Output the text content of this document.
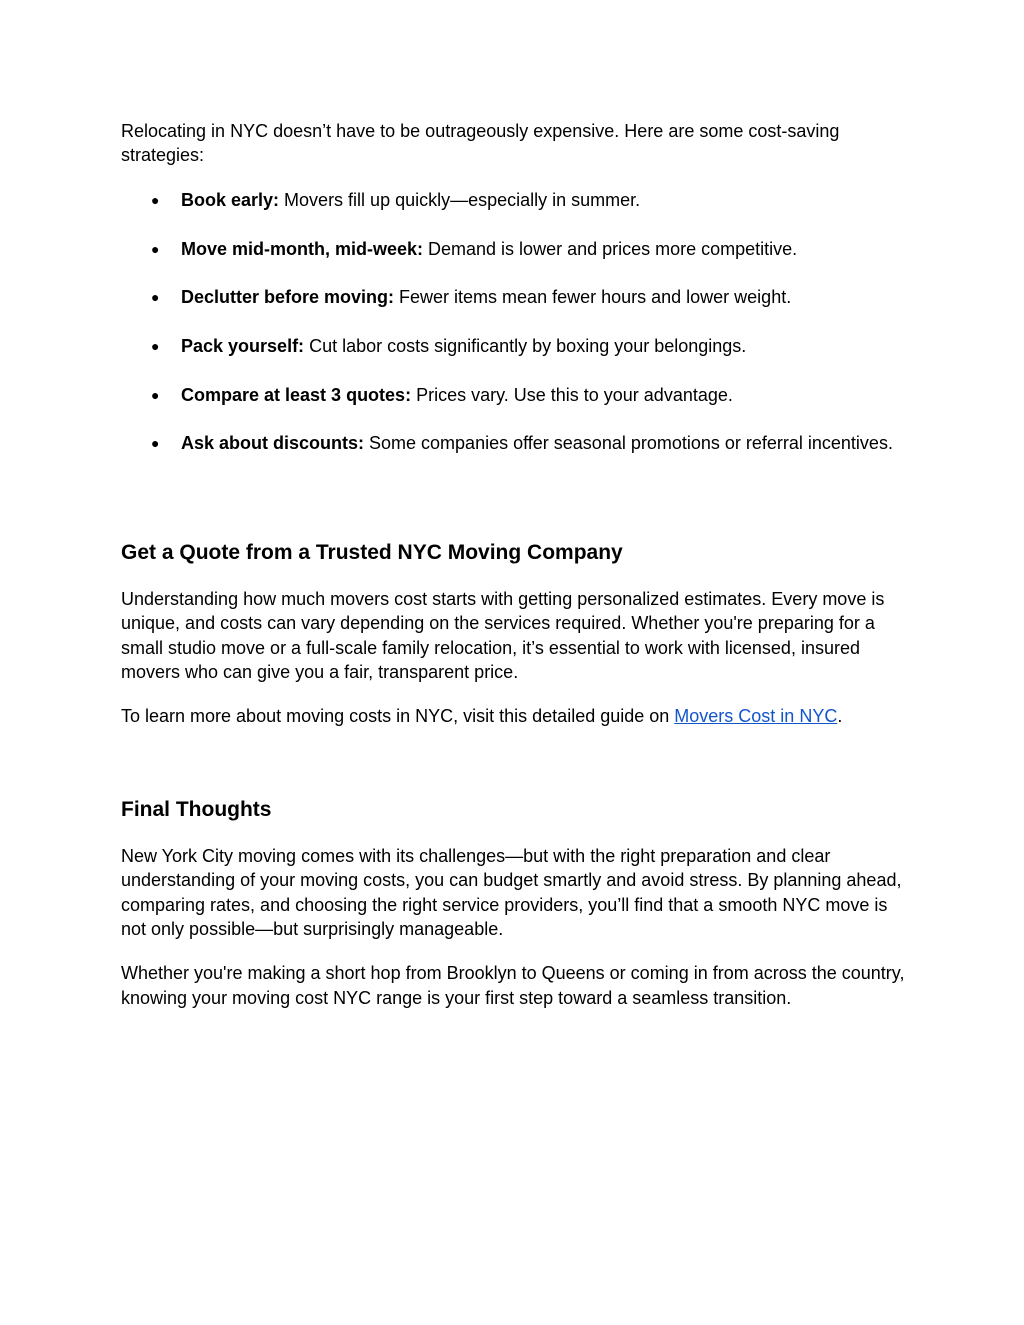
Relocating in NYC doesn’t have to be outrageously expensive. Here are some cost-saving strategies:

● Book early: Movers fill up quickly—especially in summer.
● Move mid-month, mid-week: Demand is lower and prices more competitive.
● Declutter before moving: Fewer items mean fewer hours and lower weight.
● Pack yourself: Cut labor costs significantly by boxing your belongings.
● Compare at least 3 quotes: Prices vary. Use this to your advantage.
● Ask about discounts: Some companies offer seasonal promotions or referral incentives.
Get a Quote from a Trusted NYC Moving Company

Understanding how much movers cost starts with getting personalized estimates. Every move is unique, and costs can vary depending on the services required. Whether you're preparing for a small studio move or a full-scale family relocation, it’s essential to work with licensed, insured movers who can give you a fair, transparent price.

To learn more about moving costs in NYC, visit this detailed guide on Movers Cost in NYC.

Final Thoughts

New York City moving comes with its challenges—but with the right preparation and clear understanding of your moving costs, you can budget smartly and avoid stress. By planning ahead, comparing rates, and choosing the right service providers, you’ll find that a smooth NYC move is not only possible—but surprisingly manageable.

Whether you're making a short hop from Brooklyn to Queens or coming in from across the country, knowing your moving cost NYC range is your first step toward a seamless transition.
